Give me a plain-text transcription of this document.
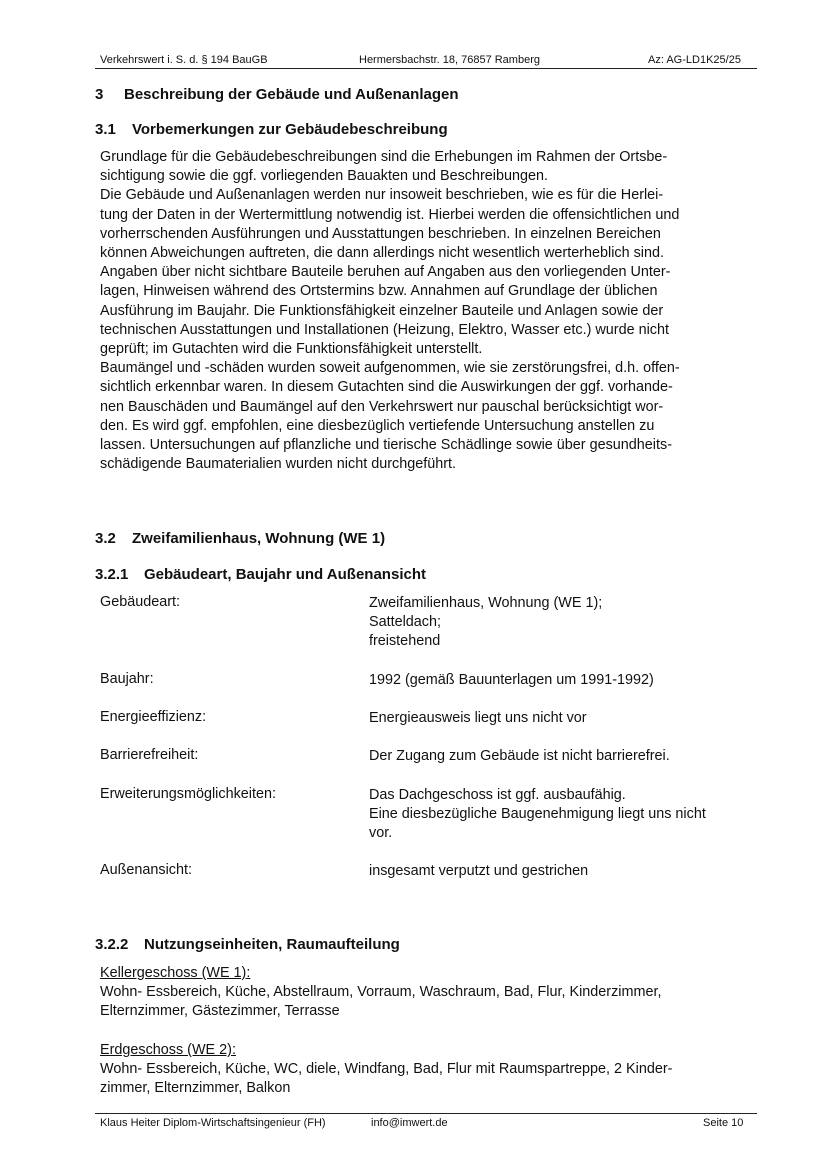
Verkehrswert i. S. d. § 194 BauGB	Hermersbachstr. 18, 76857 Ramberg	Az: AG-LD1K25/25
3 Beschreibung der Gebäude und Außenanlagen
3.1 Vorbemerkungen zur Gebäudebeschreibung
Grundlage für die Gebäudebeschreibungen sind die Erhebungen im Rahmen der Ortsbe-
sichtigung sowie die ggf. vorliegenden Bauakten und Beschreibungen.
Die Gebäude und Außenanlagen werden nur insoweit beschrieben, wie es für die Herlei-
tung der Daten in der Wertermittlung notwendig ist. Hierbei werden die offensichtlichen und
vorherrschenden Ausführungen und Ausstattungen beschrieben. In einzelnen Bereichen
können Abweichungen auftreten, die dann allerdings nicht wesentlich werterheblich sind.
Angaben über nicht sichtbare Bauteile beruhen auf Angaben aus den vorliegenden Unter-
lagen, Hinweisen während des Ortstermins bzw. Annahmen auf Grundlage der üblichen
Ausführung im Baujahr. Die Funktionsfähigkeit einzelner Bauteile und Anlagen sowie der
technischen Ausstattungen und Installationen (Heizung, Elektro, Wasser etc.) wurde nicht
geprüft; im Gutachten wird die Funktionsfähigkeit unterstellt.
Baumängel und -schäden wurden soweit aufgenommen, wie sie zerstörungsfrei, d.h. offen-
sichtlich erkennbar waren. In diesem Gutachten sind die Auswirkungen der ggf. vorhande-
nen Bauschäden und Baumängel auf den Verkehrswert nur pauschal berücksichtigt wor-
den. Es wird ggf. empfohlen, eine diesbezüglich vertiefende Untersuchung anstellen zu
lassen. Untersuchungen auf pflanzliche und tierische Schädlinge sowie über gesundheits-
schädigende Baumaterialien wurden nicht durchgeführt.
3.2 Zweifamilienhaus, Wohnung (WE 1)
3.2.1 Gebäudeart, Baujahr und Außenansicht
Gebäudeart:	Zweifamilienhaus, Wohnung (WE 1);
Satteldach;
freistehend
Baujahr:	1992 (gemäß Bauunterlagen um 1991-1992)
Energieeffizienz:	Energieausweis liegt uns nicht vor
Barrierefreiheit:	Der Zugang zum Gebäude ist nicht barrierefrei.
Erweiterungsmöglichkeiten:	Das Dachgeschoss ist ggf. ausbaufähig.
Eine diesbezügliche Baugenehmigung liegt uns nicht
vor.
Außenansicht:	insgesamt verputzt und gestrichen
3.2.2 Nutzungseinheiten, Raumaufteilung
Kellergeschoss (WE 1):
Wohn- Essbereich, Küche, Abstellraum, Vorraum, Waschraum, Bad, Flur, Kinderzimmer,
Elternzimmer, Gästezimmer, Terrasse
Erdgeschoss (WE 2):
Wohn- Essbereich, Küche, WC, diele, Windfang, Bad, Flur mit Raumspartreppe, 2 Kinder-
zimmer, Elternzimmer, Balkon
Klaus Heiter Diplom-Wirtschaftsingenieur (FH)	info@imwert.de	Seite 10
